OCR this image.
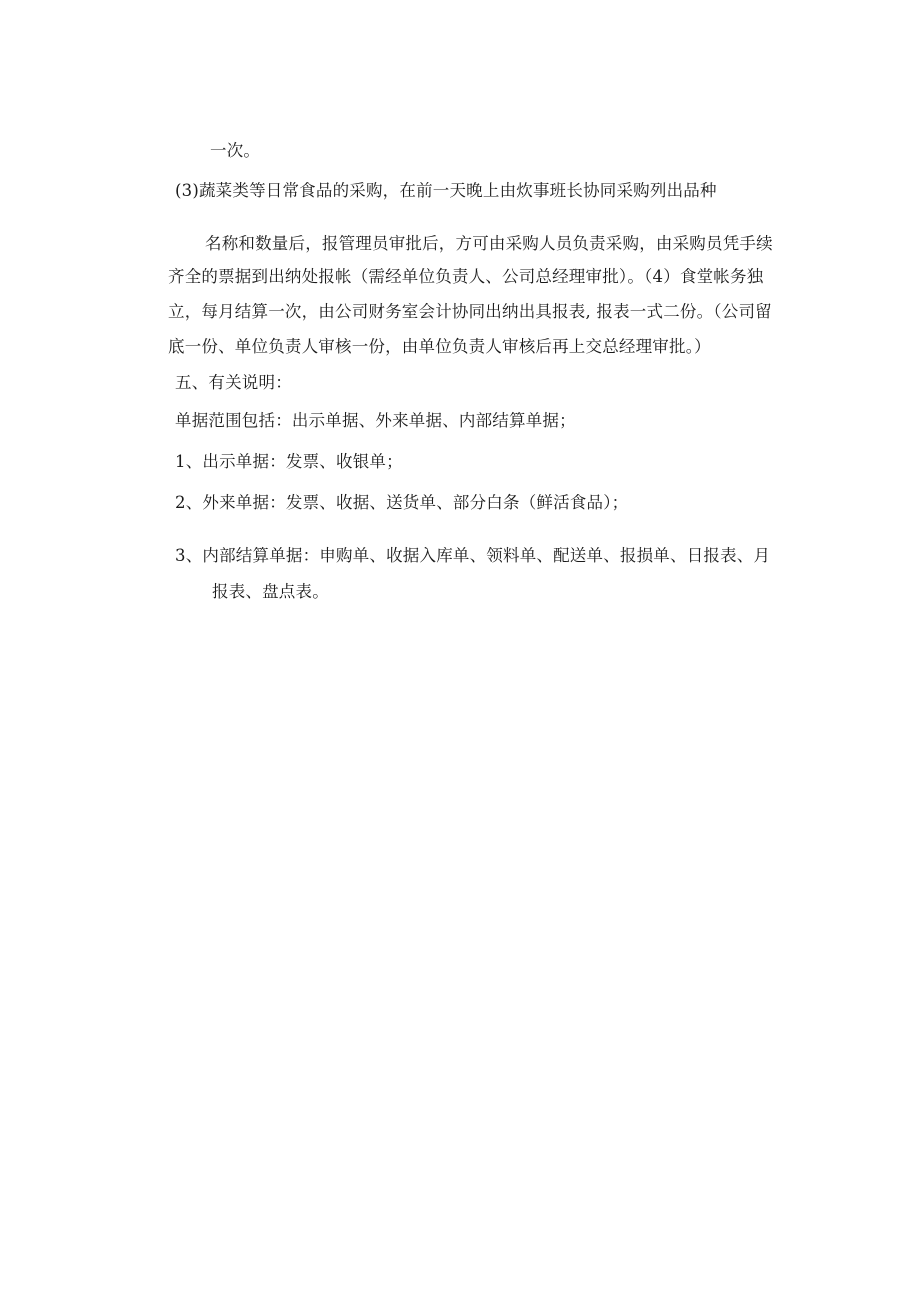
一次。
(3)蔬菜类等日常食品的采购，在前一天晚上由炊事班长协同采购列出品种
名称和数量后，报管理员审批后，方可由采购人员负责采购，由采购员凭手续
齐全的票据到出纳处报帐（需经单位负责人、公司总经理审批）。（4）食堂帐务独
立，每月结算一次，由公司财务室会计协同出纳出具报表, 报表一式二份。（公司留
底一份、单位负责人审核一份，由单位负责人审核后再上交总经理审批。）
五、有关说明：
单据范围包括：出示单据、外来单据、内部结算单据；
1、出示单据：发票、收银单；
2、外来单据：发票、收据、送货单、部分白条（鲜活食品）；
3、内部结算单据：申购单、收据入库单、领料单、配送单、报损单、日报表、月
报表、盘点表。
